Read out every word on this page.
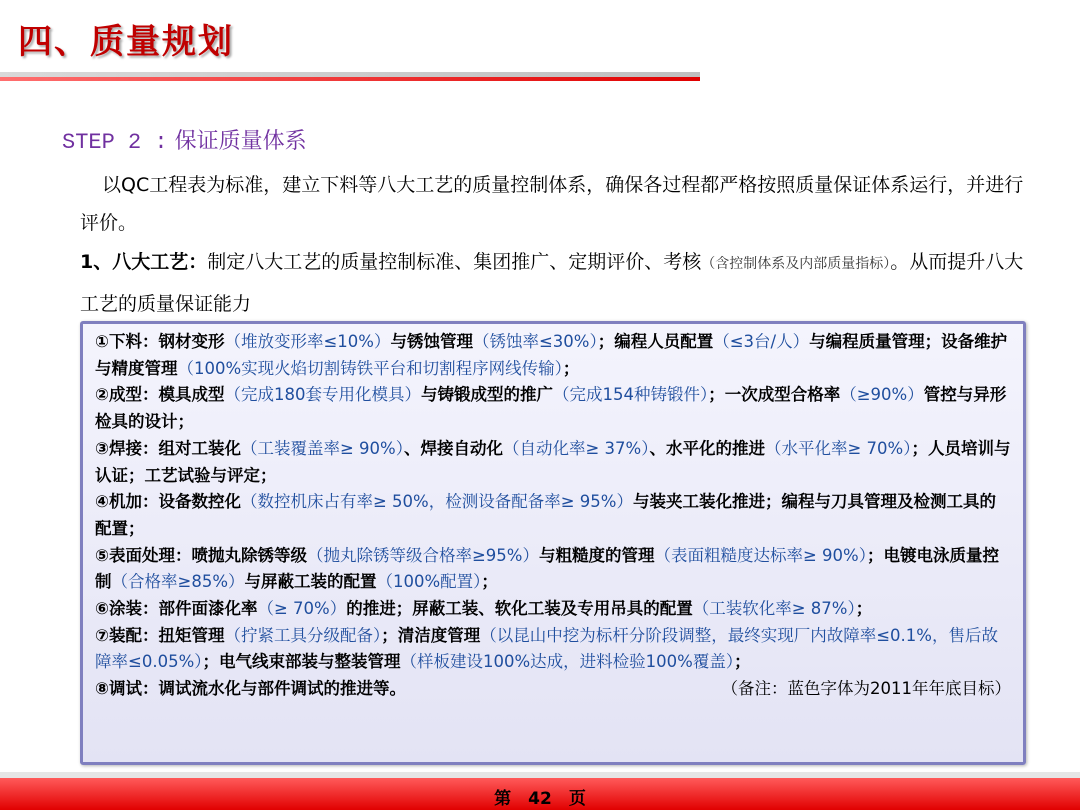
四、质量规划
STEP 2 : 保证质量体系
以QC工程表为标准，建立下料等八大工艺的质量控制体系，确保各过程都严格按照质量保证体系运行，并进行评价。
1、八大工艺：制定八大工艺的质量控制标准、集团推广、定期评价、考核（含控制体系及内部质量指标）。从而提升八大工艺的质量保证能力
①下料：钢材变形（堆放变形率≤10%）与锈蚀管理（锈蚀率≤30%）；编程人员配置（≤3台/人）与编程质量管理；设备维护与精度管理（100%实现火焰切割铸铁平台和切割程序网线传输）；
②成型：模具成型（完成180套专用化模具）与铸锻成型的推广（完成154种铸锻件）；一次成型合格率（≥90%）管控与异形检具的设计；
③焊接：组对工装化（工装覆盖率≥ 90%）、焊接自动化（自动化率≥ 37%）、水平化的推进（水平化率≥ 70%）；人员培训与认证；工艺试验与评定；
④机加：设备数控化（数控机床占有率≥ 50%，检测设备配备率≥ 95%）与装夹工装化推进；编程与刀具管理及检测工具的配置；
⑤表面处理：喷抛丸除锈等级（抛丸除锈等级合格率≥95%）与粗糙度的管理（表面粗糙度达标率≥ 90%）；电镀电泳质量控制（合格率≥85%）与屏蔽工装的配置（100%配置）；
⑥涂装：部件面漆化率（≥ 70%）的推进；屏蔽工装、软化工装及专用吊具的配置（工装软化率≥ 87%）；
⑦装配：扭矩管理（拧紧工具分级配备）；清洁度管理（以昆山中挖为标杆分阶段调整，最终实现厂内故障率≤0.1%，售后故障率≤0.05%）；电气线束部装与整装管理（样板建设100%达成，进料检验100%覆盖）；
⑧调试：调试流水化与部件调试的推进等。	（备注：蓝色字体为2011年年底目标）
第　42　页
